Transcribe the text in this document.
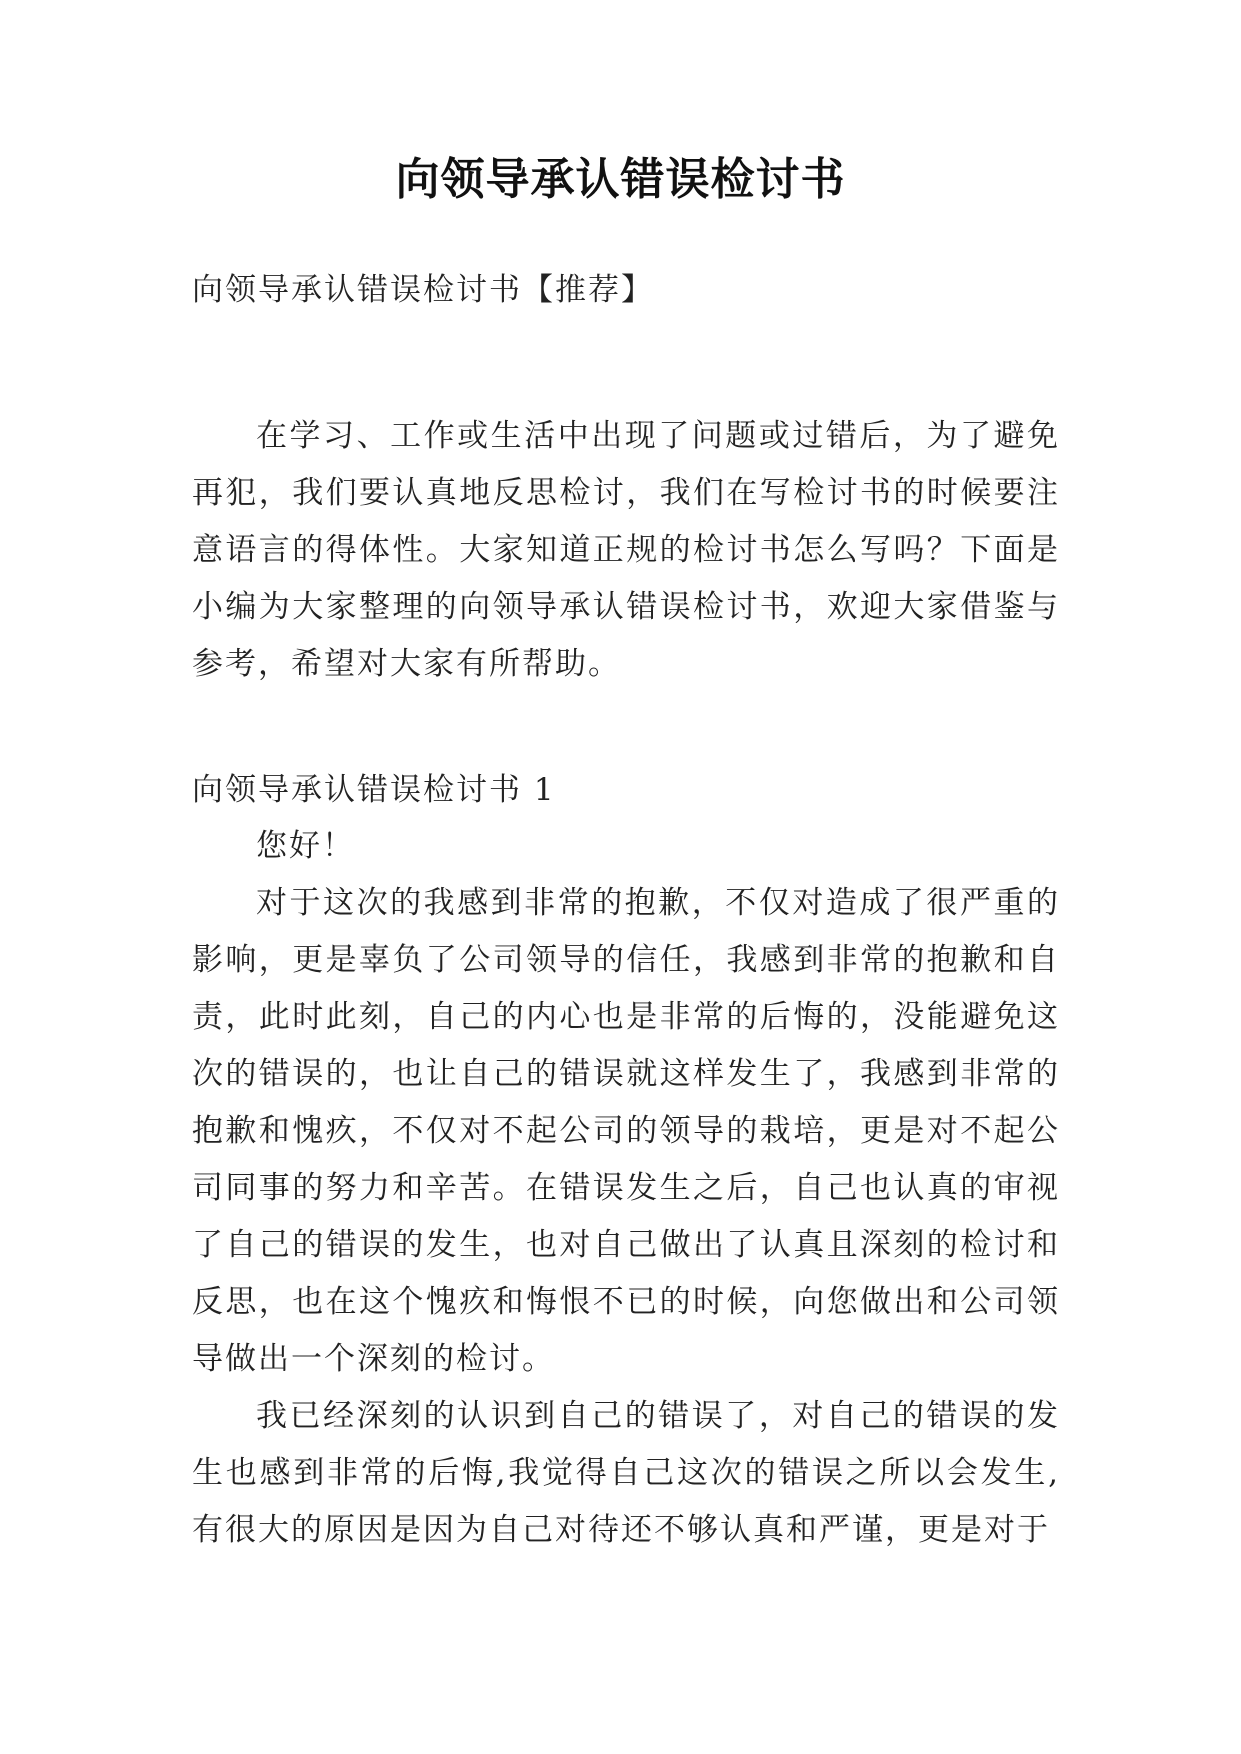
向领导承认错误检讨书
向领导承认错误检讨书【推荐】

在学习、工作或生活中出现了问题或过错后，为了避免再犯，我们要认真地反思检讨，我们在写检讨书的时候要注意语言的得体性。大家知道正规的检讨书怎么写吗？下面是小编为大家整理的向领导承认错误检讨书，欢迎大家借鉴与参考，希望对大家有所帮助。

向领导承认错误检讨书 1

您好！

对于这次的我感到非常的抱歉，不仅对造成了很严重的影响，更是辜负了公司领导的信任，我感到非常的抱歉和自责，此时此刻，自己的内心也是非常的后悔的，没能避免这次的错误的，也让自己的错误就这样发生了，我感到非常的抱歉和愧疚，不仅对不起公司的领导的栽培，更是对不起公司同事的努力和辛苦。在错误发生之后，自己也认真的审视了自己的错误的发生，也对自己做出了认真且深刻的检讨和反思，也在这个愧疚和悔恨不已的时候，向您做出和公司领导做出一个深刻的检讨。

我已经深刻的认识到自己的错误了，对自己的错误的发生也感到非常的后悔,我觉得自己这次的错误之所以会发生,有很大的原因是因为自己对待还不够认真和严谨，更是对于
